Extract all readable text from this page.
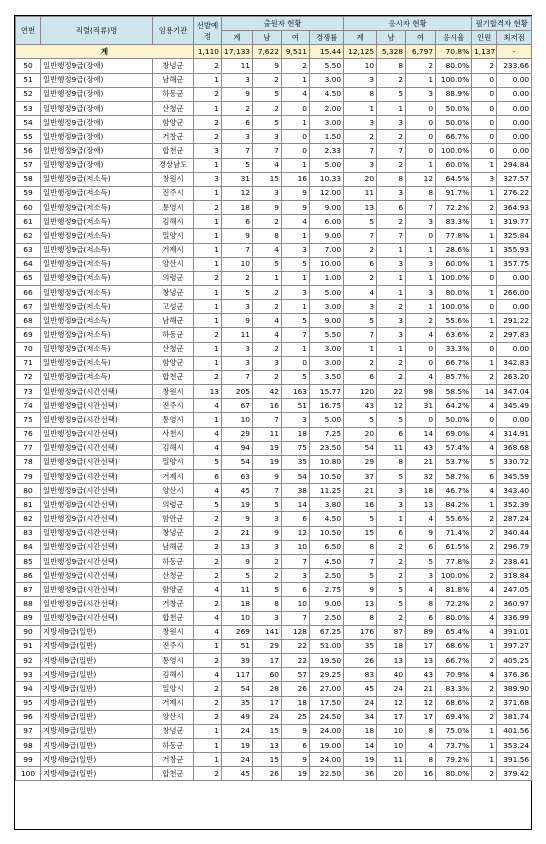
연번	직렬(직류)명	임용기관	선발예정	출원자 현황				응시자 현황				필기합격자 현황	
				계	남	여	경쟁률	계	남	여	응시율	인원	최저점
계			1,110	17,133	7,622	9,511	15.44	12,125	5,328	6,797	70.8%	1,137	-
50	일반행정9급(장애)	창녕군	2	11	9	2	5.50	10	8	2	80.0%	2	233.66
51	일반행정9급(장애)	남해군	1	3	2	1	3.00	3	2	1	100.0%	0	0.00
52	일반행정9급(장애)	하동군	2	9	5	4	4.50	8	5	3	88.9%	0	0.00
53	일반행정9급(장애)	산청군	1	2	2	0	2.00	1	1	0	50.0%	0	0.00
54	일반행정9급(장애)	함양군	2	6	5	1	3.00	3	3	0	50.0%	0	0.00
55	일반행정9급(장애)	거창군	2	3	3	0	1.50	2	2	0	66.7%	0	0.00
56	일반행정9급(장애)	합천군	3	7	7	0	2.33	7	7	0	100.0%	0	0.00
57	일반행정9급(장애)	경상남도	1	5	4	1	5.00	3	2	1	60.0%	1	294.84
58	일반행정9급(저소득)	창원시	3	31	15	16	10.33	20	8	12	64.5%	3	327.57
59	일반행정9급(저소득)	진주시	1	12	3	9	12.00	11	3	8	91.7%	1	276.22
60	일반행정9급(저소득)	통영시	2	18	9	9	9.00	13	6	7	72.2%	2	364.93
61	일반행정9급(저소득)	김해시	1	6	2	4	6.00	5	2	3	83.3%	1	319.77
62	일반행정9급(저소득)	밀양시	1	9	8	1	9.00	7	7	0	77.8%	1	325.84
63	일반행정9급(저소득)	거제시	1	7	4	3	7.00	2	1	1	28.6%	1	355.93
64	일반행정9급(저소득)	양산시	1	10	5	5	10.00	6	3	3	60.0%	1	357.75
65	일반행정9급(저소득)	의령군	2	2	1	1	1.00	2	1	1	100.0%	0	0.00
66	일반행정9급(저소득)	창녕군	1	5	2	3	5.00	4	1	3	80.0%	1	266.00
67	일반행정9급(저소득)	고성군	1	3	2	1	3.00	3	2	1	100.0%	0	0.00
68	일반행정9급(저소득)	남해군	1	9	4	5	9.00	5	3	2	55.6%	1	291.22
69	일반행정9급(저소득)	하동군	2	11	4	7	5.50	7	3	4	63.6%	2	297.83
70	일반행정9급(저소득)	산청군	1	3	2	1	3.00	1	1	0	33.3%	0	0.00
71	일반행정9급(저소득)	함양군	1	3	3	0	3.00	2	2	0	66.7%	1	342.83
72	일반행정9급(저소득)	합천군	2	7	2	5	3.50	6	2	4	85.7%	2	263.20
73	일반행정9급(시간선택)	창원시	13	205	42	163	15.77	120	22	98	58.5%	14	347.04
74	일반행정9급(시간선택)	진주시	4	67	16	51	16.75	43	12	31	64.2%	4	345.49
75	일반행정9급(시간선택)	통영시	1	10	7	3	5.00	5	5	0	50.0%	0	0.00
76	일반행정9급(시간선택)	사천시	4	29	11	18	7.25	20	6	14	69.0%	4	314.91
77	일반행정9급(시간선택)	김해시	4	94	19	75	23.50	54	11	43	57.4%	4	368.68
78	일반행정9급(시간선택)	밀양시	5	54	19	35	10.80	29	8	21	53.7%	5	330.72
79	일반행정9급(시간선택)	거제시	6	63	9	54	10.50	37	5	32	58.7%	6	345.59
80	일반행정9급(시간선택)	양산시	4	45	7	38	11.25	21	3	18	46.7%	4	343.40
81	일반행정9급(시간선택)	의령군	5	19	5	14	3.80	16	3	13	84.2%	1	352.39
82	일반행정9급(시간선택)	함안군	2	9	3	6	4.50	5	1	4	55.6%	2	287.24
83	일반행정9급(시간선택)	창녕군	2	21	9	12	10.50	15	6	9	71.4%	2	340.44
84	일반행정9급(시간선택)	남해군	2	13	3	10	6.50	8	2	6	61.5%	2	296.79
85	일반행정9급(시간선택)	하동군	2	9	2	7	4.50	7	2	5	77.8%	2	238.41
86	일반행정9급(시간선택)	산청군	2	5	2	3	2.50	5	2	3	100.0%	2	318.84
87	일반행정9급(시간선택)	함양군	4	11	5	6	2.75	9	5	4	81.8%	4	247.05
88	일반행정9급(시간선택)	거창군	2	18	8	10	9.00	13	5	8	72.2%	2	360.97
89	일반행정9급(시간선택)	합천군	4	10	3	7	2.50	8	2	6	80.0%	4	336.99
90	지방세9급(일반)	창원시	4	269	141	128	67.25	176	87	89	65.4%	4	391.01
91	지방세9급(일반)	진주시	1	51	29	22	51.00	35	18	17	68.6%	1	397.27
92	지방세9급(일반)	통영시	2	39	17	22	19.50	26	13	13	66.7%	2	405.25
93	지방세9급(일반)	김해시	4	117	60	57	29.25	83	40	43	70.9%	4	376.36
94	지방세9급(일반)	밀양시	2	54	28	26	27.00	45	24	21	83.3%	2	389.90
95	지방세9급(일반)	거제시	2	35	17	18	17.50	24	12	12	68.6%	2	371.68
96	지방세9급(일반)	양산시	2	49	24	25	24.50	34	17	17	69.4%	2	381.74
97	지방세9급(일반)	창녕군	1	24	15	9	24.00	18	10	8	75.0%	1	401.56
98	지방세9급(일반)	하동군	1	19	13	6	19.00	14	10	4	73.7%	1	353.24
99	지방세9급(일반)	거창군	1	24	15	9	24.00	19	11	8	79.2%	1	391.56
100	지방세9급(일반)	합천군	2	45	26	19	22.50	36	20	16	80.0%	2	379.42
